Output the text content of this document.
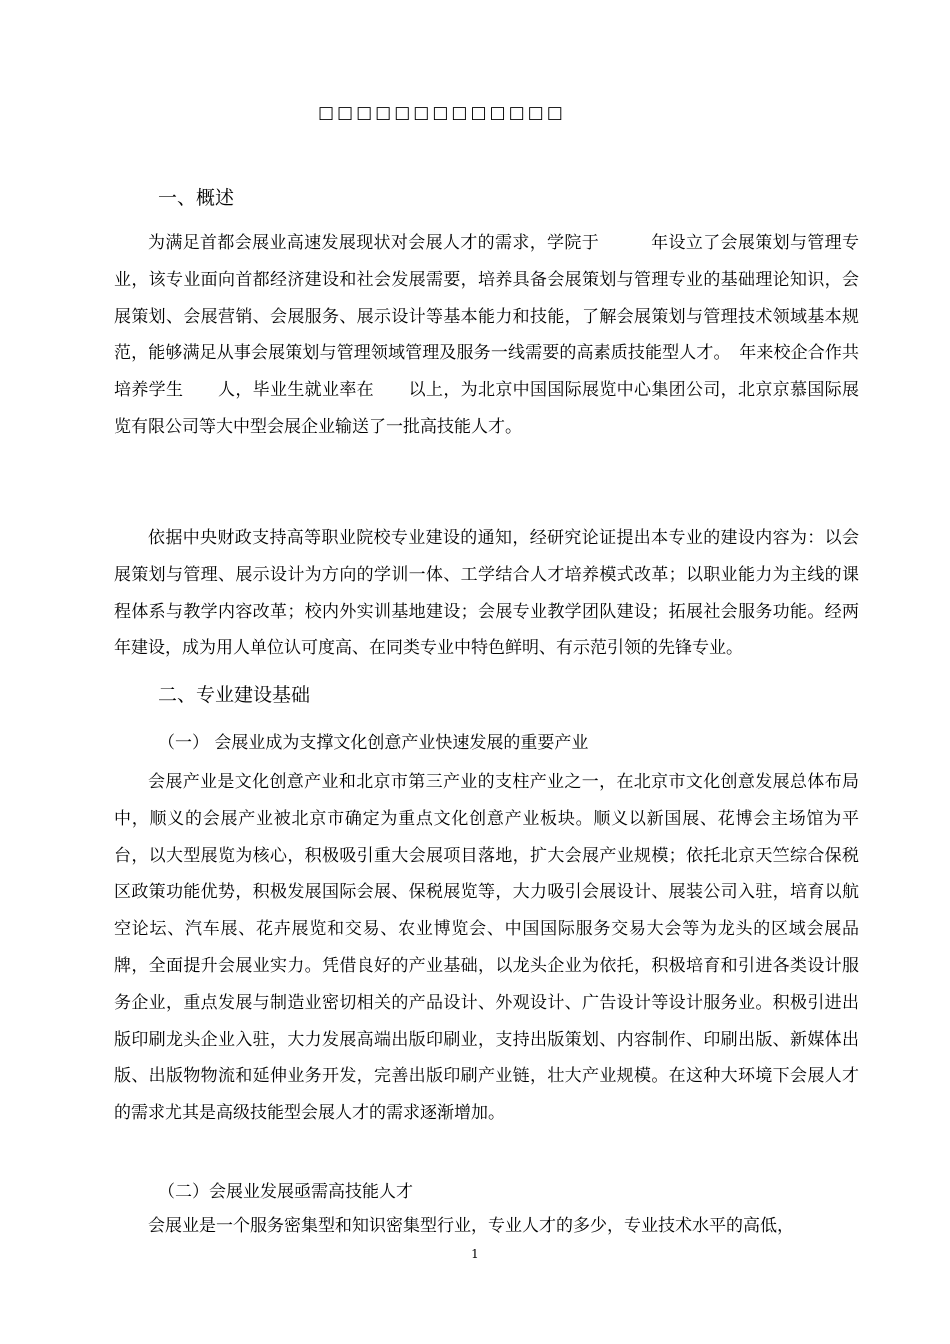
□□□□□□□□□□□□□
一、概述

为满足首都会展业高速发展现状对会展人才的需求，学院于　　　年设立了会展策划与管理专业，该专业面向首都经济建设和社会发展需要，培养具备会展策划与管理专业的基础理论知识，会展策划、会展营销、会展服务、展示设计等基本能力和技能，了解会展策划与管理技术领域基本规范，能够满足从事会展策划与管理领域管理及服务一线需要的高素质技能型人才。　年来校企合作共培养学生　　人，毕业生就业率在　　以上，为北京中国国际展览中心集团公司，北京京慕国际展览有限公司等大中型会展企业输送了一批高技能人才。

依据中央财政支持高等职业院校专业建设的通知，经研究论证提出本专业的建设内容为：以会展策划与管理、展示设计为方向的学训一体、工学结合人才培养模式改革；以职业能力为主线的课程体系与教学内容改革；校内外实训基地建设；会展专业教学团队建设；拓展社会服务功能。经两年建设，成为用人单位认可度高、在同类专业中特色鲜明、有示范引领的先锋专业。

二、专业建设基础
（一） 会展业成为支撑文化创意产业快速发展的重要产业

会展产业是文化创意产业和北京市第三产业的支柱产业之一，在北京市文化创意发展总体布局中，顺义的会展产业被北京市确定为重点文化创意产业板块。顺义以新国展、花博会主场馆为平台，以大型展览为核心，积极吸引重大会展项目落地，扩大会展产业规模；依托北京天竺综合保税区政策功能优势，积极发展国际会展、保税展览等，大力吸引会展设计、展装公司入驻，培育以航空论坛、汽车展、花卉展览和交易、农业博览会、中国国际服务交易大会等为龙头的区域会展品牌，全面提升会展业实力。凭借良好的产业基础，以龙头企业为依托，积极培育和引进各类设计服务企业，重点发展与制造业密切相关的产品设计、外观设计、广告设计等设计服务业。积极引进出版印刷龙头企业入驻，大力发展高端出版印刷业，支持出版策划、内容制作、印刷出版、新媒体出版、出版物物流和延伸业务开发，完善出版印刷产业链，壮大产业规模。在这种大环境下会展人才的需求尤其是高级技能型会展人才的需求逐渐增加。

（二）会展业发展亟需高技能人才

会展业是一个服务密集型和知识密集型行业，专业人才的多少，专业技术水平的高低，

1
